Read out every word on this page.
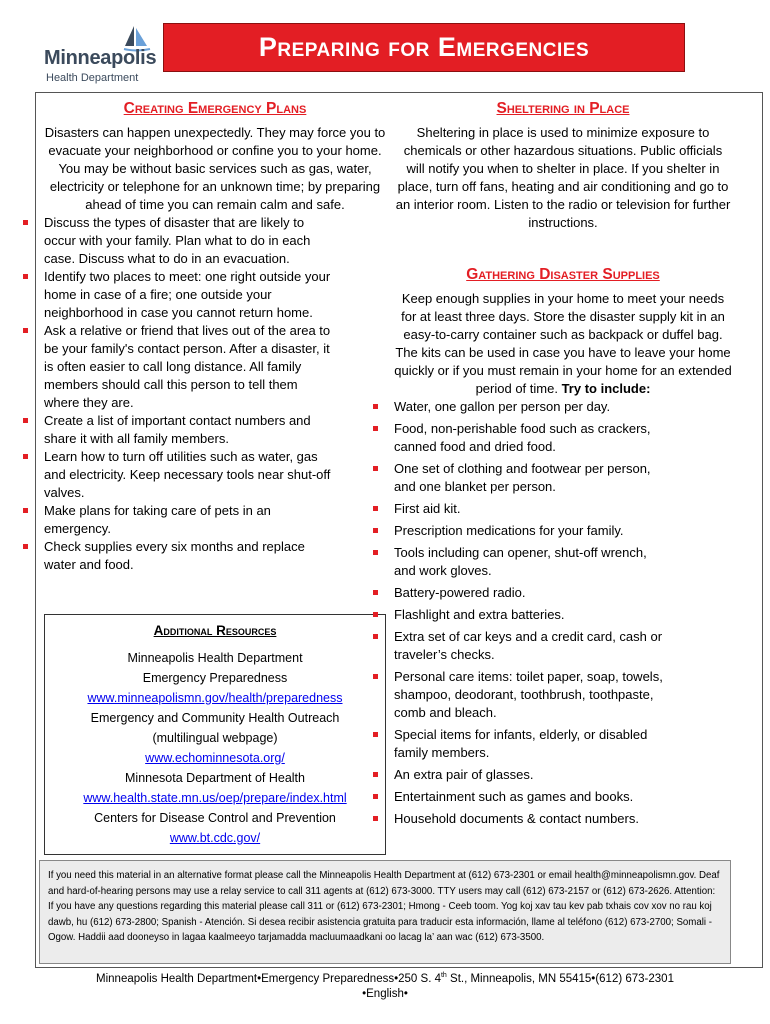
Minneapolis
Health Department
Preparing for Emergencies

Creating Emergency Plans

Disasters can happen unexpectedly. They may force you to evacuate your neighborhood or confine you to your home. You may be without basic services such as gas, water, electricity or telephone for an unknown time; by preparing ahead of time you can remain calm and safe.

Discuss the types of disaster that are likely to occur with your family. Plan what to do in each case. Discuss what to do in an evacuation.
Identify two places to meet: one right outside your home in case of a fire; one outside your neighborhood in case you cannot return home.
Ask a relative or friend that lives out of the area to be your family's contact person. After a disaster, it is often easier to call long distance. All family members should call this person to tell them where they are.
Create a list of important contact numbers and share it with all family members.
Learn how to turn off utilities such as water, gas and electricity. Keep necessary tools near shut-off valves.
Make plans for taking care of pets in an emergency.
Check supplies every six months and replace water and food.
Additional Resources
Minneapolis Health Department
Emergency Preparedness
www.minneapolismn.gov/health/preparedness
Emergency and Community Health Outreach
(multilingual webpage)
www.echominnesota.org/
Minnesota Department of Health
www.health.state.mn.us/oep/prepare/index.html
Centers for Disease Control and Prevention
www.bt.cdc.gov/

Sheltering in Place

Sheltering in place is used to minimize exposure to chemicals or other hazardous situations. Public officials will notify you when to shelter in place. If you shelter in place, turn off fans, heating and air conditioning and go to an interior room. Listen to the radio or television for further instructions.

Gathering Disaster Supplies

Keep enough supplies in your home to meet your needs for at least three days. Store the disaster supply kit in an easy-to-carry container such as backpack or duffel bag. The kits can be used in case you have to leave your home quickly or if you must remain in your home for an extended period of time. Try to include:

Water, one gallon per person per day.
Food, non-perishable food such as crackers, canned food and dried food.
One set of clothing and footwear per person, and one blanket per person.
First aid kit.
Prescription medications for your family.
Tools including can opener, shut-off wrench, and work gloves.
Battery-powered radio.
Flashlight and extra batteries.
Extra set of car keys and a credit card, cash or traveler’s checks.
Personal care items: toilet paper, soap, towels, shampoo, deodorant, toothbrush, toothpaste, comb and bleach.
Special items for infants, elderly, or disabled family members.
An extra pair of glasses.
Entertainment such as games and books.
Household documents & contact numbers.
If you need this material in an alternative format please call the Minneapolis Health Department at (612) 673-2301 or email health@minneapolismn.gov. Deaf and hard-of-hearing persons may use a relay service to call 311 agents at (612) 673-3000. TTY users may call (612) 673-2157 or (612) 673-2626. Attention: If you have any questions regarding this material please call 311 or (612) 673-2301; Hmong - Ceeb toom. Yog koj xav tau kev pab txhais cov xov no rau koj dawb, hu (612) 673-2800; Spanish - Atención. Si desea recibir asistencia gratuita para traducir esta información, llame al teléfono (612) 673-2700; Somali - Ogow. Haddii aad dooneyso in lagaa kaalmeeyo tarjamadda macluumaadkani oo lacag la’ aan wac (612) 673-3500.
Minneapolis Health Department•Emergency Preparedness•250 S. 4th St., Minneapolis, MN 55415•(612) 673-2301
•English•
